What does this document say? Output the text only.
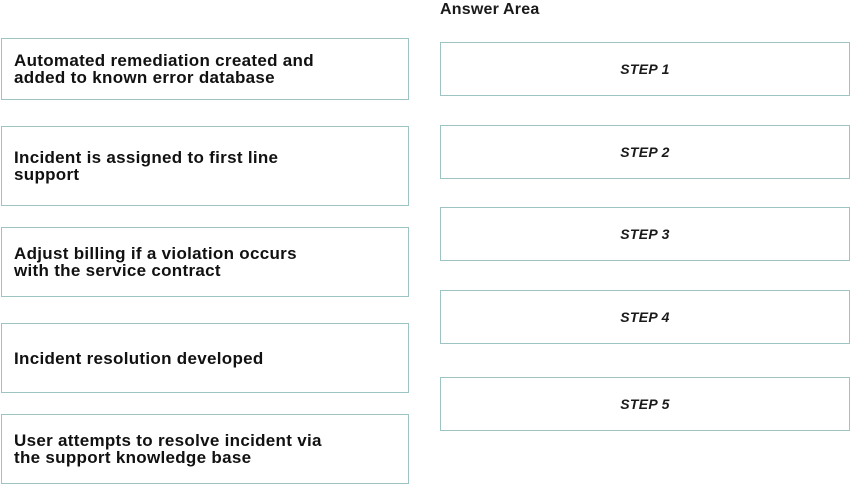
Answer Area
Automated remediation created and
added to known error database
Incident is assigned to first line
support
Adjust billing if a violation occurs
with the service contract
Incident resolution developed
User attempts to resolve incident via
the support knowledge base
STEP 1
STEP 2
STEP 3
STEP 4
STEP 5
